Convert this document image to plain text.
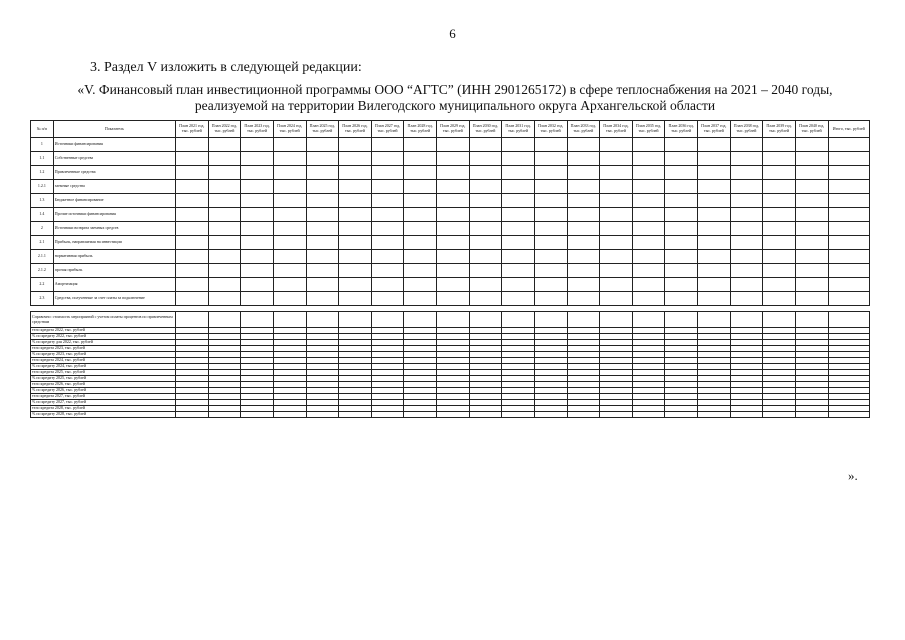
6
3. Раздел V изложить в следующей редакции:
«V. Финансовый план инвестиционной программы ООО “АГТС” (ИНН 2901265172) в сфере теплоснабжения на 2021 – 2040 годы, реализуемой на территории Вилегодского муниципального округа Архангельской области
№ п/п	Показатель	План 2021 год, тыс. рублей	План 2022 год, тыс. рублей	План 2023 год, тыс. рублей	План 2024 год, тыс. рублей	План 2025 год, тыс. рублей	План 2026 год, тыс. рублей	План 2027 год, тыс. рублей	План 2028 год, тыс. рублей	План 2029 год, тыс. рублей	План 2030 год, тыс. рублей	План 2031 год, тыс. рублей	План 2032 год, тыс. рублей	План 2033 год, тыс. рублей	План 2034 год, тыс. рублей	План 2035 год, тыс. рублей	План 2036 год, тыс. рублей	План 2037 год, тыс. рублей	План 2038 год, тыс. рублей	План 2039 год, тыс. рублей	План 2040 год, тыс. рублей	Итого, тыс. рублей
1	Источники финансирования																					
1.1	Собственные средства																					
1.2	Привлеченные средства																					
1.2.1	заемные средства																					
1.3	Бюджетное финансирование																					
1.4	Прочие источники финансирования																					
2	Источники возврата заемных средств																					
2.1	Прибыль, направляемая на инвестиции																					
2.1.1	нормативная прибыль																					
2.1.2	прочая прибыль																					
2.2	Амортизация																					
2.3	Средства, полученные за счет платы за подключение																					

Справочно: стоимость мероприятий с учетом оплаты процентов по привлеченным средствам																						
тело кредита 2022, тыс. рублей																						
% по кредиту 2022, тыс. рублей																						
% по кредиту для 2022, тыс. рублей																						
тело кредита 2023, тыс. рублей																						
% по кредиту 2023, тыс. рублей																						
тело кредита 2024, тыс. рублей																						
% по кредиту 2024, тыс. рублей																						
тело кредита 2025, тыс. рублей																						
% по кредиту 2025, тыс. рублей																						
тело кредита 2026, тыс. рублей																						
% по кредиту 2026, тыс. рублей																						
тело кредита 2027, тыс. рублей																						
% по кредиту 2027, тыс. рублей																						
тело кредита 2028, тыс. рублей																						
% по кредиту 2028, тыс. рублей																						
».
